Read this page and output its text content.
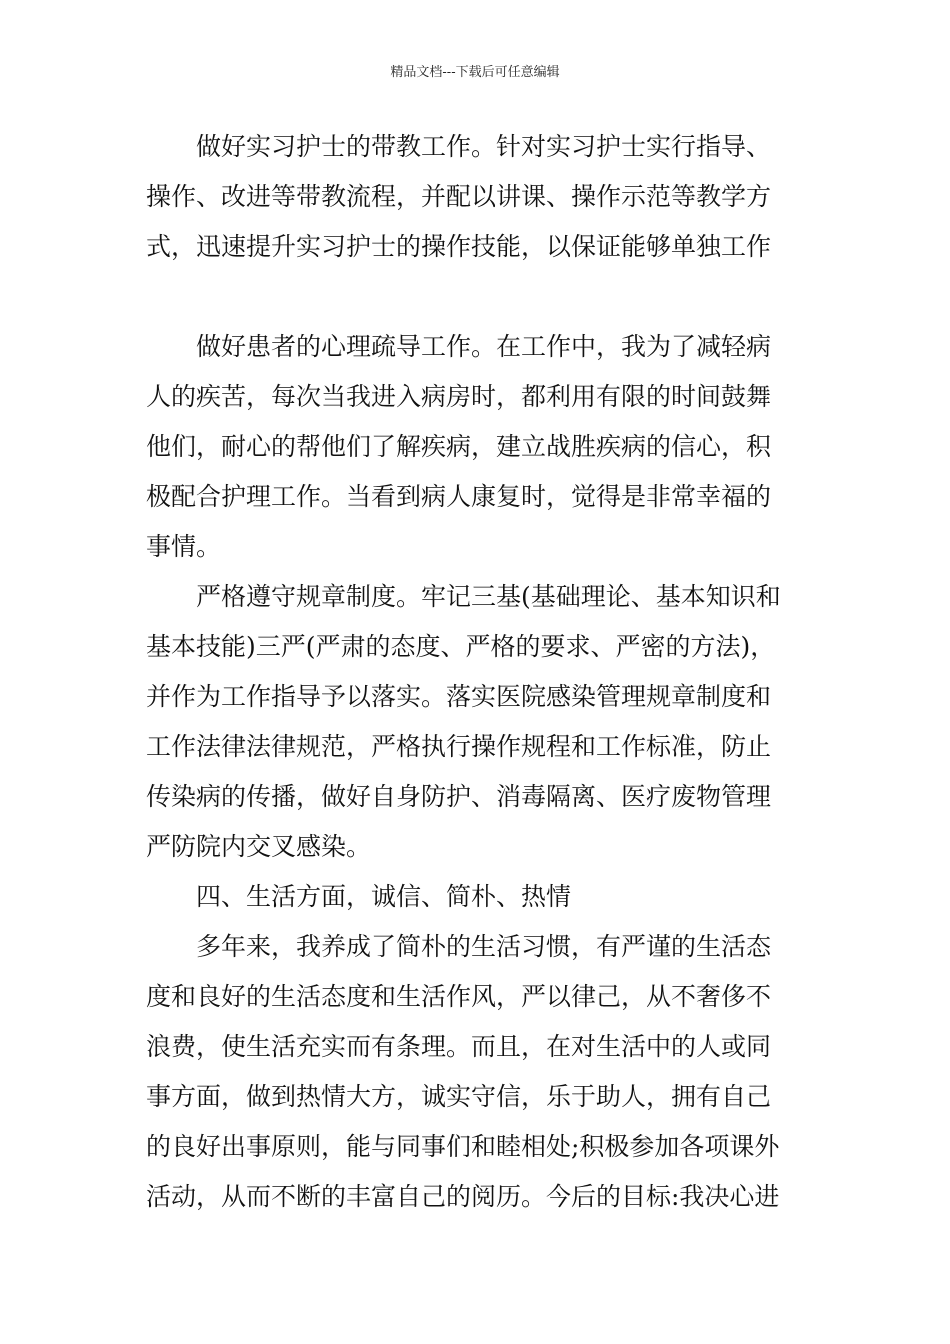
精品文档---下载后可任意编辑
做好实习护士的带教工作。针对实习护士实行指导、
操作、改进等带教流程，并配以讲课、操作示范等教学方
式，迅速提升实习护士的操作技能，以保证能够单独工作
做好患者的心理疏导工作。在工作中，我为了减轻病
人的疾苦，每次当我进入病房时，都利用有限的时间鼓舞
他们，耐心的帮他们了解疾病，建立战胜疾病的信心，积
极配合护理工作。当看到病人康复时，觉得是非常幸福的
事情。
严格遵守规章制度。牢记三基(基础理论、基本知识和
基本技能)三严(严肃的态度、严格的要求、严密的方法)，
并作为工作指导予以落实。落实医院感染管理规章制度和
工作法律法律规范，严格执行操作规程和工作标准，防止
传染病的传播，做好自身防护、消毒隔离、医疗废物管理
严防院内交叉感染。
四、生活方面，诚信、简朴、热情
多年来，我养成了简朴的生活习惯，有严谨的生活态
度和良好的生活态度和生活作风，严以律己，从不奢侈不
浪费，使生活充实而有条理。而且，在对生活中的人或同
事方面，做到热情大方，诚实守信，乐于助人，拥有自己
的良好出事原则，能与同事们和睦相处;积极参加各项课外
活动，从而不断的丰富自己的阅历。今后的目标:我决心进
